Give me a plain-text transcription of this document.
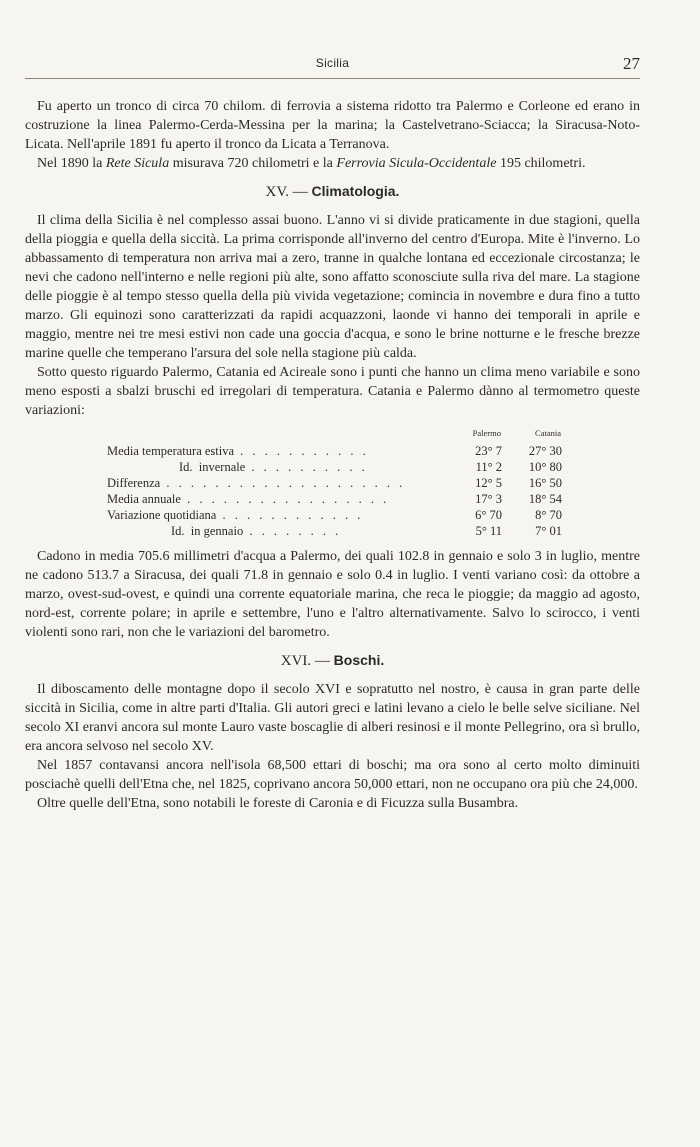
Sicilia	27

Fu aperto un tronco di circa 70 chilom. di ferrovia a sistema ridotto tra Palermo e Corleone ed erano in costruzione la linea Palermo-Cerda-Messina per la marina; la Castelvetrano-Sciacca; la Siracusa-Noto-Licata. Nell'aprile 1891 fu aperto il tronco da Licata a Terranova.

Nel 1890 la Rete Sicula misurava 720 chilometri e la Ferrovia Sicula-Occidentale 195 chilometri.

XV. — Climatologia.

Il clima della Sicilia è nel complesso assai buono. L'anno vi si divide praticamente in due stagioni, quella della pioggia e quella della siccità. La prima corrisponde all'inverno del centro d'Europa. Mite è l'inverno. Lo abbassamento di temperatura non arriva mai a zero, tranne in qualche lontana ed eccezionale circostanza; le nevi che cadono nell'interno e nelle regioni più alte, sono affatto sconosciute sulla riva del mare. La stagione delle pioggie è al tempo stesso quella della più vivida vegetazione; comincia in novembre e dura fino a tutto marzo. Gli equinozi sono caratterizzati da rapidi acquazzoni, laonde vi hanno dei temporali in aprile e maggio, mentre nei tre mesi estivi non cade una goccia d'acqua, e sono le brine notturne e le fresche brezze marine quelle che temperano l'arsura del sole nella stagione più calda.

Sotto questo riguardo Palermo, Catania ed Acireale sono i punti che hanno un clima meno variabile e sono meno esposti a sbalzi bruschi ed irregolari di temperatura. Catania e Palermo dànno al termometro queste variazioni:

	Palermo	Catania
Media temperatura estiva . . . . . . . . . . .	23° 7	27° 30
Id.  invernale . . . . . . . . . .	11° 2	10° 80
Differenza . . . . . . . . . . . . . . . . . . . .	12° 5	16° 50
Media annuale . . . . . . . . . . . . . . . . .	17° 3	18° 54
Variazione quotidiana . . . . . . . . . . . .	6° 70	8° 70
Id.  in gennaio . . . . . . . .	5° 11	7° 01

Cadono in media 705.6 millimetri d'acqua a Palermo, dei quali 102.8 in gennaio e solo 3 in luglio, mentre ne cadono 513.7 a Siracusa, dei quali 71.8 in gennaio e solo 0.4 in luglio. I venti variano così: da ottobre a marzo, ovest-sud-ovest, e quindi una corrente equatoriale marina, che reca le pioggie; da maggio ad agosto, nord-est, corrente polare; in aprile e settembre, l'uno e l'altro alternativamente. Salvo lo scirocco, i venti violenti sono rari, non che le variazioni del barometro.

XVI. — Boschi.

Il diboscamento delle montagne dopo il secolo XVI e sopratutto nel nostro, è causa in gran parte delle siccità in Sicilia, come in altre parti d'Italia. Gli autori greci e latini levano a cielo le belle selve siciliane. Nel secolo XI eranvi ancora sul monte Lauro vaste boscaglie di alberi resinosi e il monte Pellegrino, ora sì brullo, era ancora selvoso nel secolo XV.

Nel 1857 contavansi ancora nell'isola 68,500 ettari di boschi; ma ora sono al certo molto diminuiti posciachè quelli dell'Etna che, nel 1825, coprivano ancora 50,000 ettari, non ne occupano ora più che 24,000.

Oltre quelle dell'Etna, sono notabili le foreste di Caronia e di Ficuzza sulla Busambra.
